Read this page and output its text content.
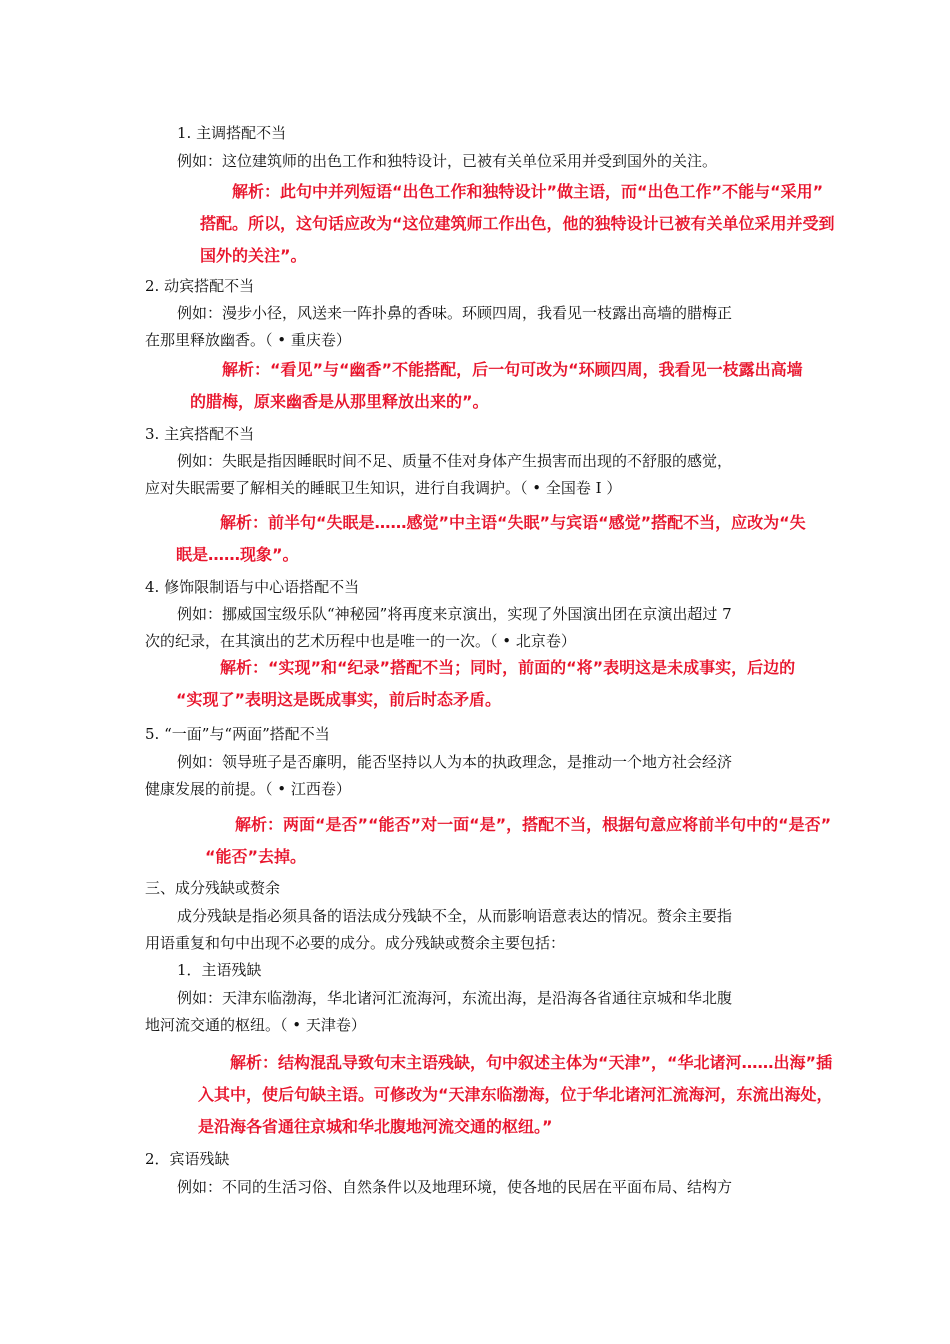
1. 主调搭配不当
例如：这位建筑师的出色工作和独特设计，已被有关单位采用并受到国外的关注。
解析：此句中并列短语“出色工作和独特设计”做主语，而“出色工作”不能与“采用”
搭配。所以，这句话应改为“这位建筑师工作出色，他的独特设计已被有关单位采用并受到
国外的关注”。
2. 动宾搭配不当
例如：漫步小径，风送来一阵扑鼻的香味。环顾四周，我看见一枝露出高墙的腊梅正
在那里释放幽香。（ • 重庆卷）
解析：“看见”与“幽香”不能搭配，后一句可改为“环顾四周，我看见一枝露出高墙
的腊梅，原来幽香是从那里释放出来的”。
3. 主宾搭配不当
例如：失眠是指因睡眠时间不足、质量不佳对身体产生损害而出现的不舒服的感觉，
应对失眠需要了解相关的睡眠卫生知识，进行自我调护。（ • 全国卷 Ⅰ ）
解析：前半句“失眠是……感觉”中主语“失眠”与宾语“感觉”搭配不当，应改为“失
眠是……现象”。
4. 修饰限制语与中心语搭配不当
例如：挪威国宝级乐队“神秘园”将再度来京演出，实现了外国演出团在京演出超过 7
次的纪录，在其演出的艺术历程中也是唯一的一次。（ • 北京卷）
解析：“实现”和“纪录”搭配不当；同时，前面的“将”表明这是未成事实，后边的
“实现了”表明这是既成事实，前后时态矛盾。
5. “一面”与“两面”搭配不当
例如：领导班子是否廉明，能否坚持以人为本的执政理念，是推动一个地方社会经济
健康发展的前提。（ • 江西卷）
解析：两面“是否”“能否”对一面“是”，搭配不当，根据句意应将前半句中的“是否”
“能否”去掉。
三、成分残缺或赘余
成分残缺是指必须具备的语法成分残缺不全，从而影响语意表达的情况。赘余主要指
用语重复和句中出现不必要的成分。成分残缺或赘余主要包括：
1．主语残缺
例如：天津东临渤海，华北诸河汇流海河，东流出海，是沿海各省通往京城和华北腹
地河流交通的枢纽。（ • 天津卷）
解析：结构混乱导致句末主语残缺，句中叙述主体为“天津”，“华北诸河……出海”插
入其中，使后句缺主语。可修改为“天津东临渤海，位于华北诸河汇流海河，东流出海处，
是沿海各省通往京城和华北腹地河流交通的枢纽。”
2．宾语残缺
例如：不同的生活习俗、自然条件以及地理环境，使各地的民居在平面布局、结构方
